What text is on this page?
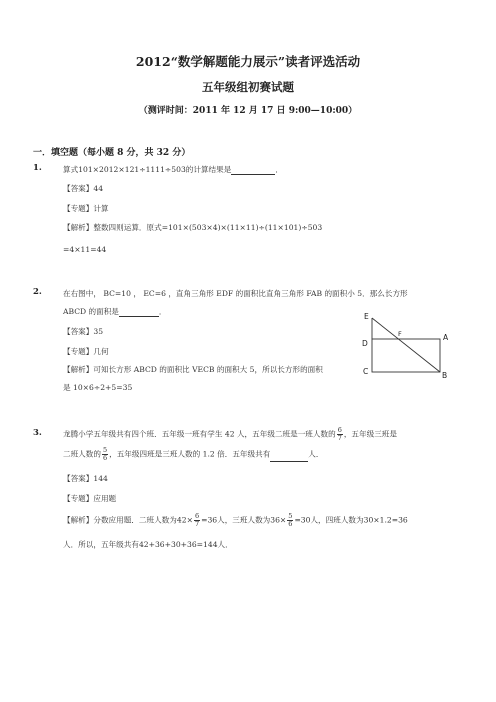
2012“数学解题能力展示”读者评选活动
五年级组初赛试题
（测评时间：2011 年 12 月 17 日 9:00—10:00）
一．填空题（每小题 8 分，共 32 分）
1.	算式101×2012×121÷1111÷503的计算结果是	．
【答案】44
【专题】计算
【解析】整数四则运算．原式=101×(503×4)×(11×11)÷(11×101)÷503
=4×11=44
2.	在右图中， BC=10 ， EC=6 ，直角三角形 EDF 的面积比直角三角形 FAB 的面积小 5．那么长方形
ABCD 的面积是	．
【答案】35
【专题】几何
【解析】可知长方形 ABCD 的面积比 VECB 的面积大 5，所以长方形的面积
是 10×6÷2+5=35
E
F	A
D
C	B
3.	龙腾小学五年级共有四个班．五年级一班有学生 42 人，五年级二班是一班人数的 $\frac{6}{7}$ ，五年级三班是
二班人数的 $\frac{5}{6}$ ，五年级四班是三班人数的 1.2 倍．五年级共有	人．
【答案】144
【专题】应用题
【解析】分数应用题．二班人数为$42\times \frac{6}{7} =36$人，三班人数为$36\times \frac{5}{6} =30$人，四班人数为30×1.2=36
人．所以，五年级共有42+36+30+36=144人．
